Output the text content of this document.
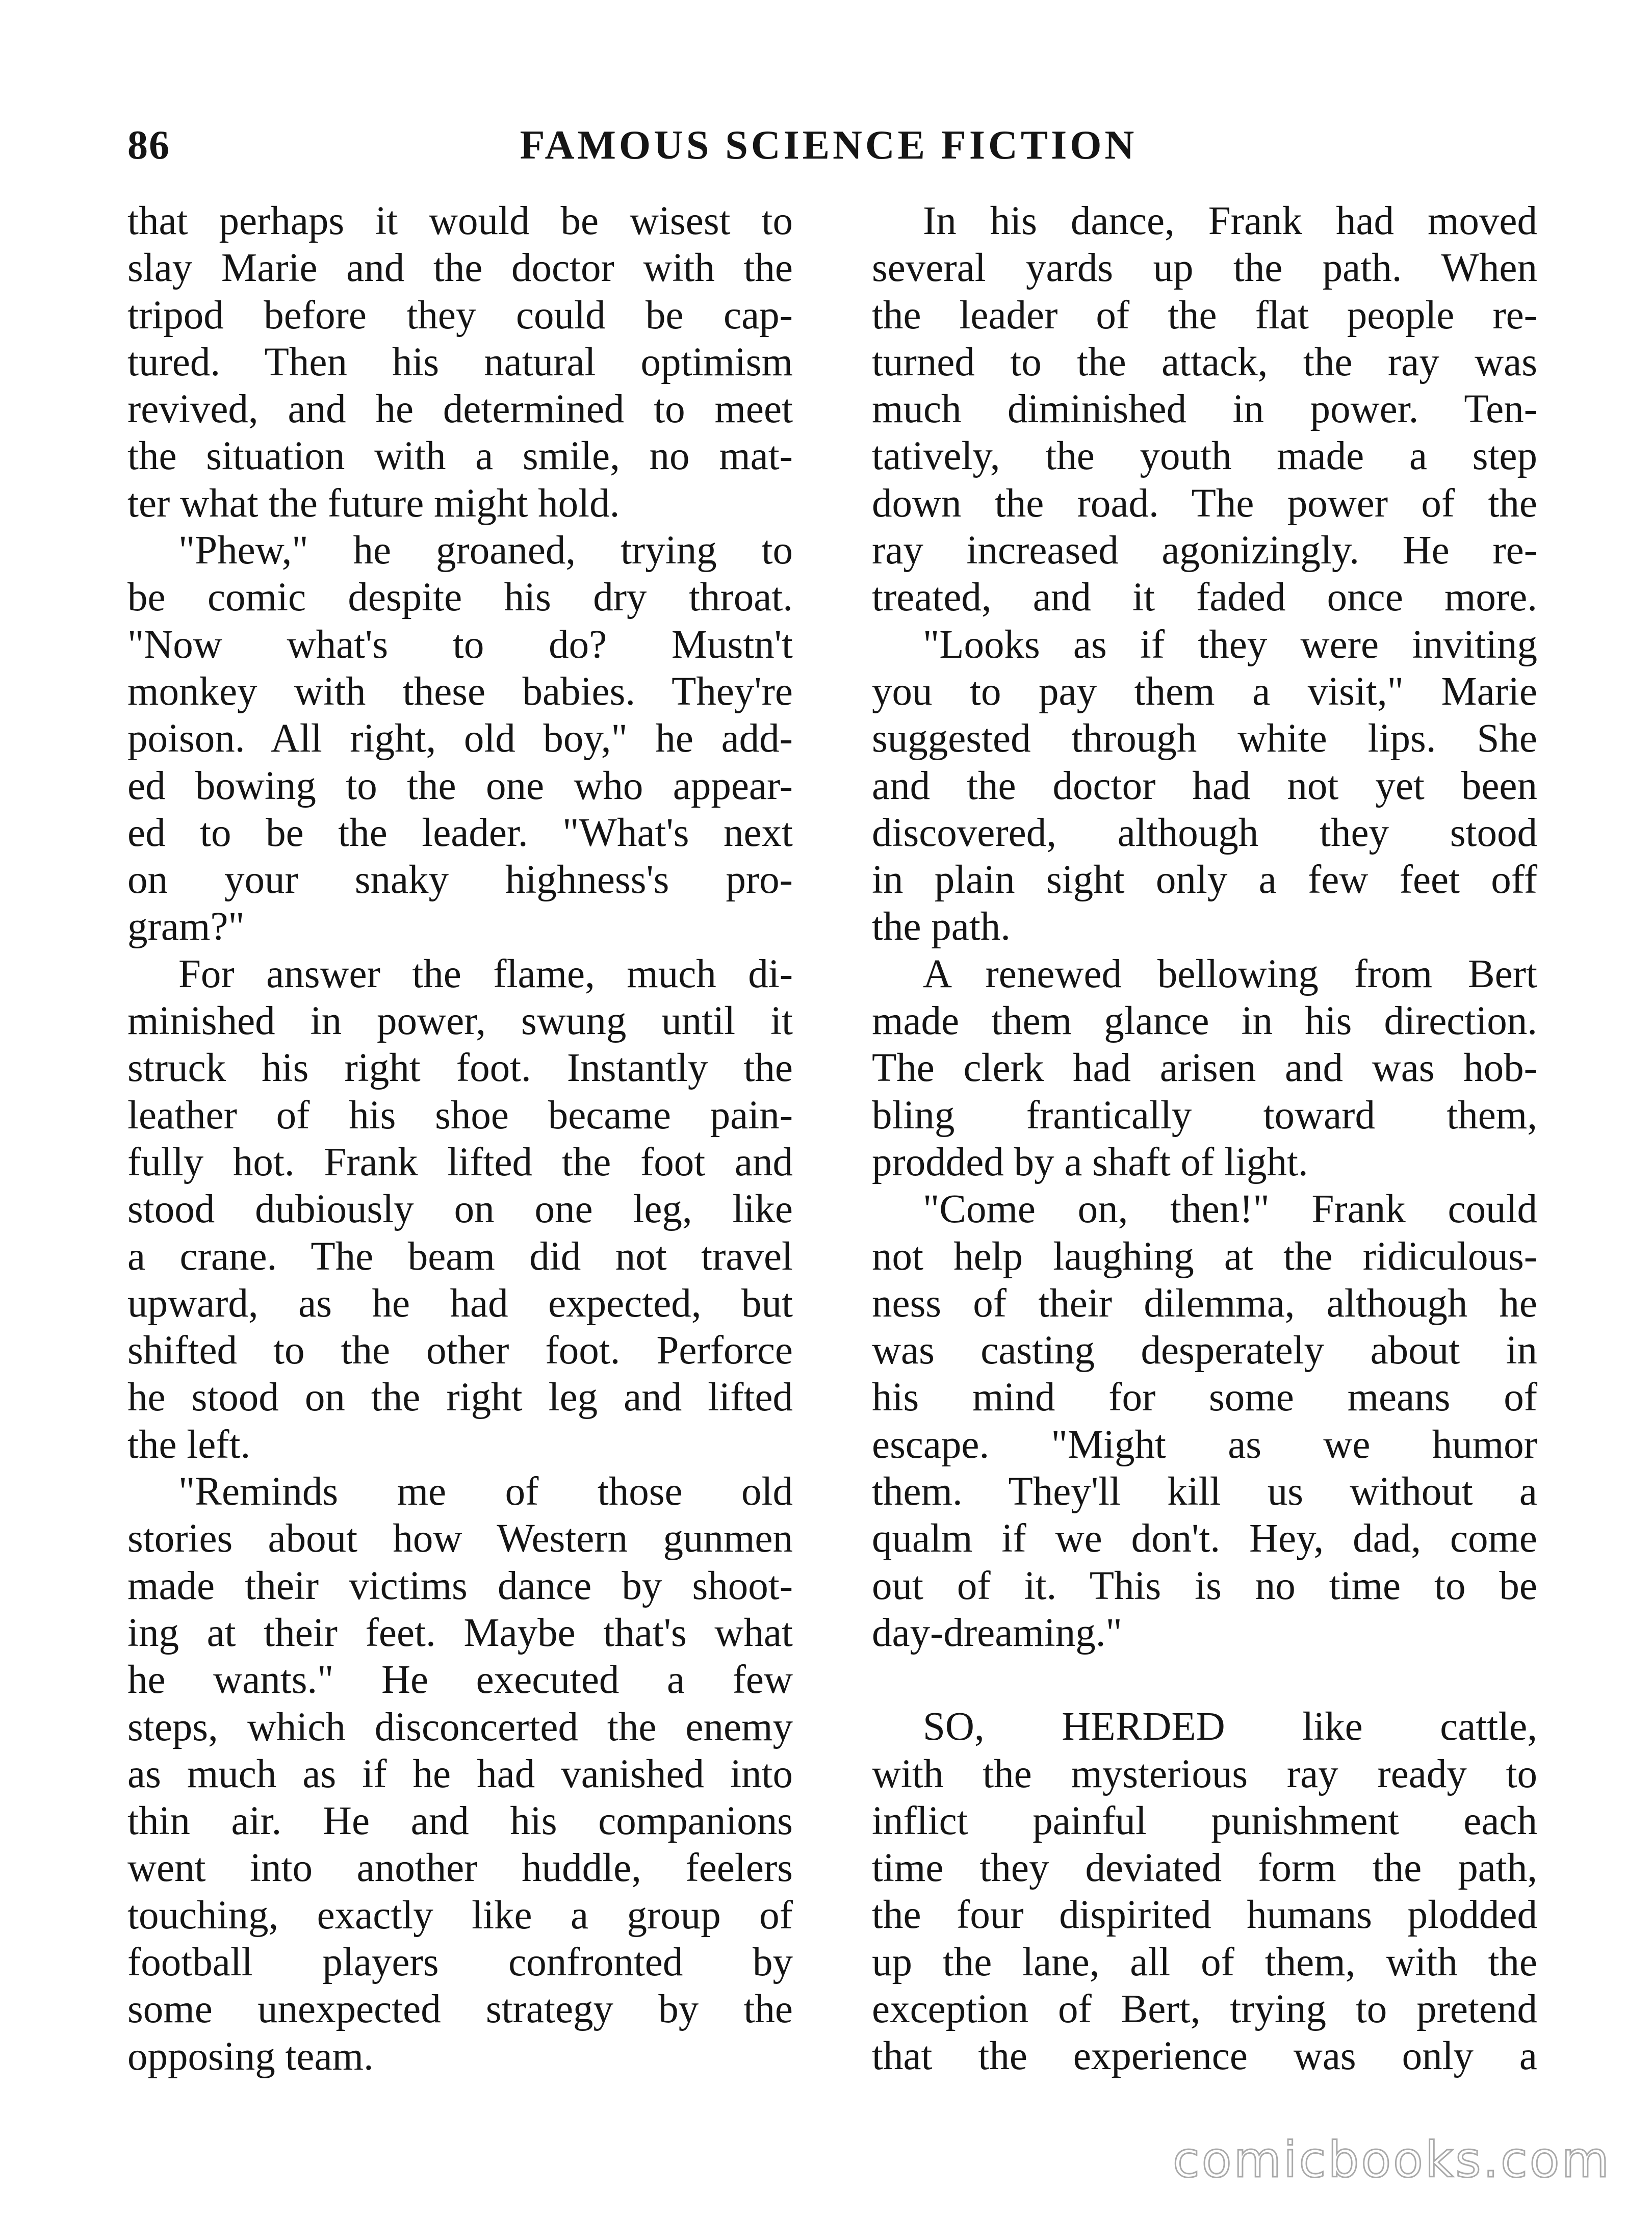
86	FAMOUS SCIENCE FICTION
that perhaps it would be wisest to
slay Marie and the doctor with the
tripod before they could be cap-
tured. Then his natural optimism
revived, and he determined to meet
the situation with a smile, no mat-
ter what the future might hold.
"Phew," he groaned, trying to
be comic despite his dry throat.
"Now what's to do? Mustn't
monkey with these babies. They're
poison. All right, old boy," he add-
ed bowing to the one who appear-
ed to be the leader. "What's next
on your snaky highness's pro-
gram?"
For answer the flame, much di-
minished in power, swung until it
struck his right foot. Instantly the
leather of his shoe became pain-
fully hot. Frank lifted the foot and
stood dubiously on one leg, like
a crane. The beam did not travel
upward, as he had expected, but
shifted to the other foot. Perforce
he stood on the right leg and lifted
the left.
"Reminds me of those old
stories about how Western gunmen
made their victims dance by shoot-
ing at their feet. Maybe that's what
he wants." He executed a few
steps, which disconcerted the enemy
as much as if he had vanished into
thin air. He and his companions
went into another huddle, feelers
touching, exactly like a group of
football players confronted by
some unexpected strategy by the
opposing team.
In his dance, Frank had moved
several yards up the path. When
the leader of the flat people re-
turned to the attack, the ray was
much diminished in power. Ten-
tatively, the youth made a step
down the road. The power of the
ray increased agonizingly. He re-
treated, and it faded once more.
"Looks as if they were inviting
you to pay them a visit," Marie
suggested through white lips. She
and the doctor had not yet been
discovered, although they stood
in plain sight only a few feet off
the path.
A renewed bellowing from Bert
made them glance in his direction.
The clerk had arisen and was hob-
bling frantically toward them,
prodded by a shaft of light.
"Come on, then!" Frank could
not help laughing at the ridiculous-
ness of their dilemma, although he
was casting desperately about in
his mind for some means of
escape. "Might as we humor
them. They'll kill us without a
qualm if we don't. Hey, dad, come
out of it. This is no time to be
day-dreaming."
SO, HERDED like cattle,
with the mysterious ray ready to
inflict painful punishment each
time they deviated form the path,
the four dispirited humans plodded
up the lane, all of them, with the
exception of Bert, trying to pretend
that the experience was only a
comicbooks.com
